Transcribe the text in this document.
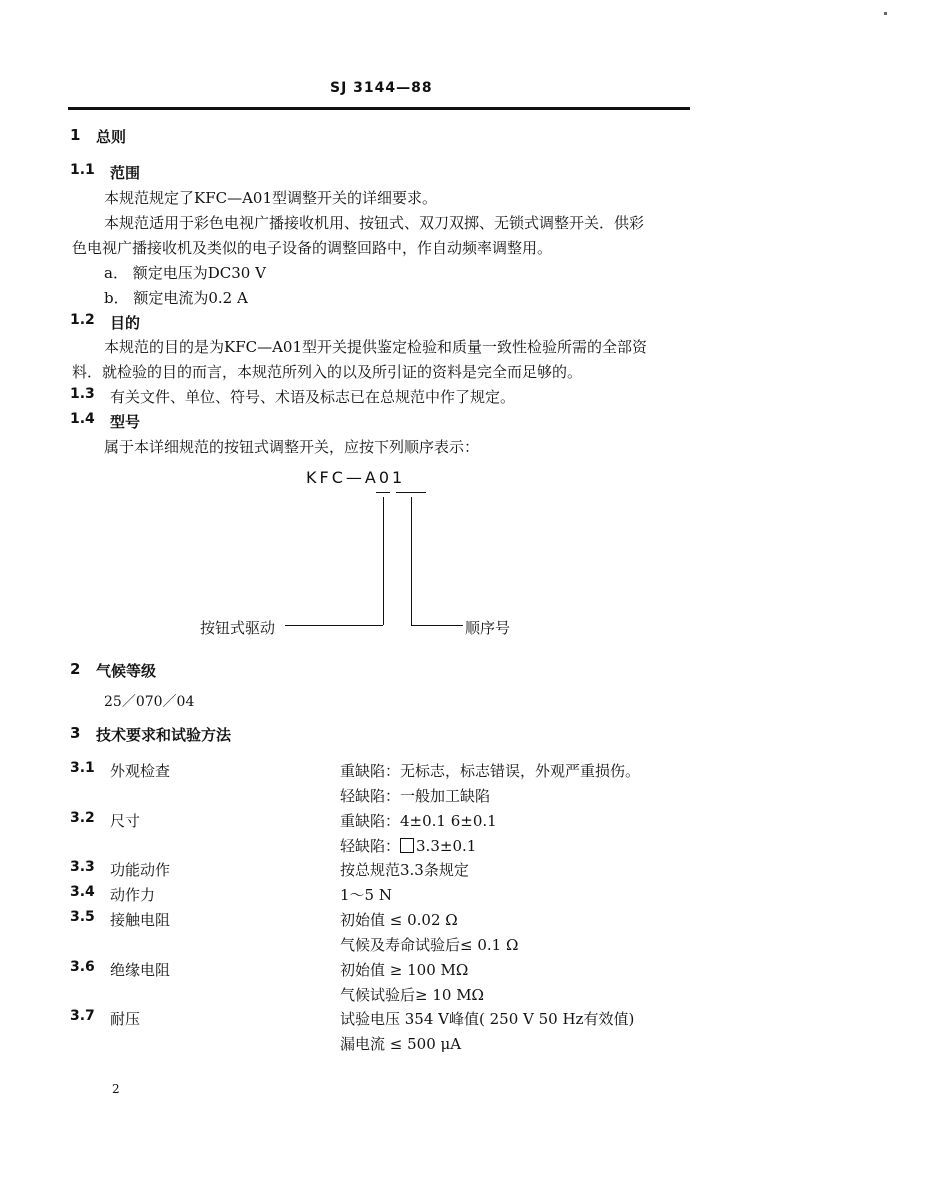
SJ 3144—88
1 总则
1.1 范围
本规范规定了KFC—A01型调整开关的详细要求。
本规范适用于彩色电视广播接收机用、按钮式、双刀双掷、无锁式调整开关．供彩
色电视广播接收机及类似的电子设备的调整回路中，作自动频率调整用。
a． 额定电压为DC30 V
b． 额定电流为0.2 A
1.2 目的
本规范的目的是为KFC—A01型开关提供鉴定检验和质量一致性检验所需的全部资
料．就检验的目的而言，本规范所列入的以及所引证的资料是完全而足够的。
1.3 有关文件、单位、符号、术语及标志已在总规范中作了规定。
1.4 型号
属于本详细规范的按钮式调整开关，应按下列顺序表示：
KFC—A01
按钮式驱动	顺序号
2 气候等级
25／070／04
3 技术要求和试验方法
3.1 外观检查	重缺陷：无标志，标志错误，外观严重损伤。
轻缺陷：一般加工缺陷
3.2 尺寸	重缺陷：4±0.1 6±0.1
轻缺陷： 3.3±0.1
3.3 功能动作	按总规范3.3条规定
3.4 动作力	1～5 N
3.5 接触电阻	初始值 ≤ 0.02 Ω
气候及寿命试验后≤ 0.1 Ω
3.6 绝缘电阻	初始值 ≥ 100 MΩ
气候试验后≥ 10 MΩ
3.7 耐压	试验电压 354 V峰值( 250 V 50 Hz有效值)
漏电流 ≤ 500 μA
2
